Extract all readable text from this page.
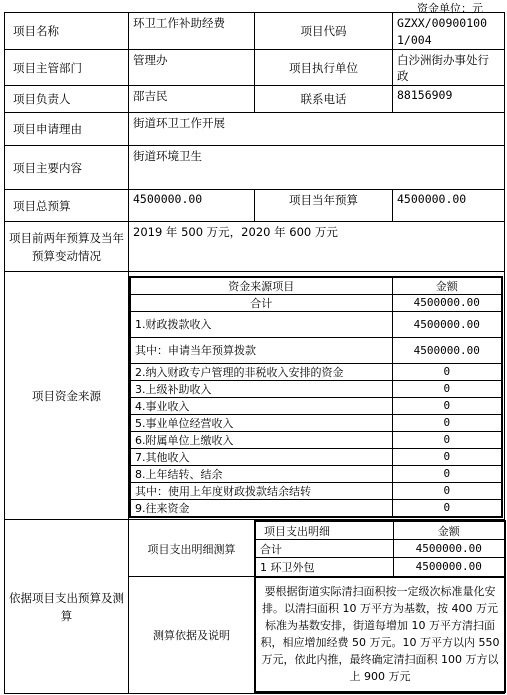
资金单位：元
项目名称	环卫工作补助经费	项目代码	GZXX/009001001/004
项目主管部门	管理办	项目执行单位	白沙洲街办事处行政
项目负责人	邵吉民	联系电话	88156909
项目申请理由	街道环卫工作开展
项目主要内容	街道环境卫生
项目总预算	4500000.00	项目当年预算	4500000.00
项目前两年预算及当年预算变动情况	2019 年 500 万元，2020 年 600 万元
项目资金来源	
资金来源项目	金额
合计	4500000.00
1.财政拨款收入	4500000.00
其中：申请当年预算拨款	4500000.00
2.纳入财政专户管理的非税收入安排的资金	0
3.上级补助收入	0
4.事业收入	0
5.事业单位经营收入	0
6.附属单位上缴收入	0
7.其他收入	0
8.上年结转、结余	0
其中：使用上年度财政拨款结余结转	0
9.往来资金	0

依据项目支出预算及测算	
项目支出明细测算	项目支出明细	金额
合计	4500000.00
1 环卫外包	4500000.00
测算依据及说明	要根据街道实际清扫面积按一定级次标准量化安排。以清扫面积 10 万平方为基数，按 400 万元标准为基数安排，街道每增加 10 万平方清扫面积，相应增加经费 50 万元。10 万平方以内 550 万元，依此内推，最终确定清扫面积 100 万方以上 900 万元
